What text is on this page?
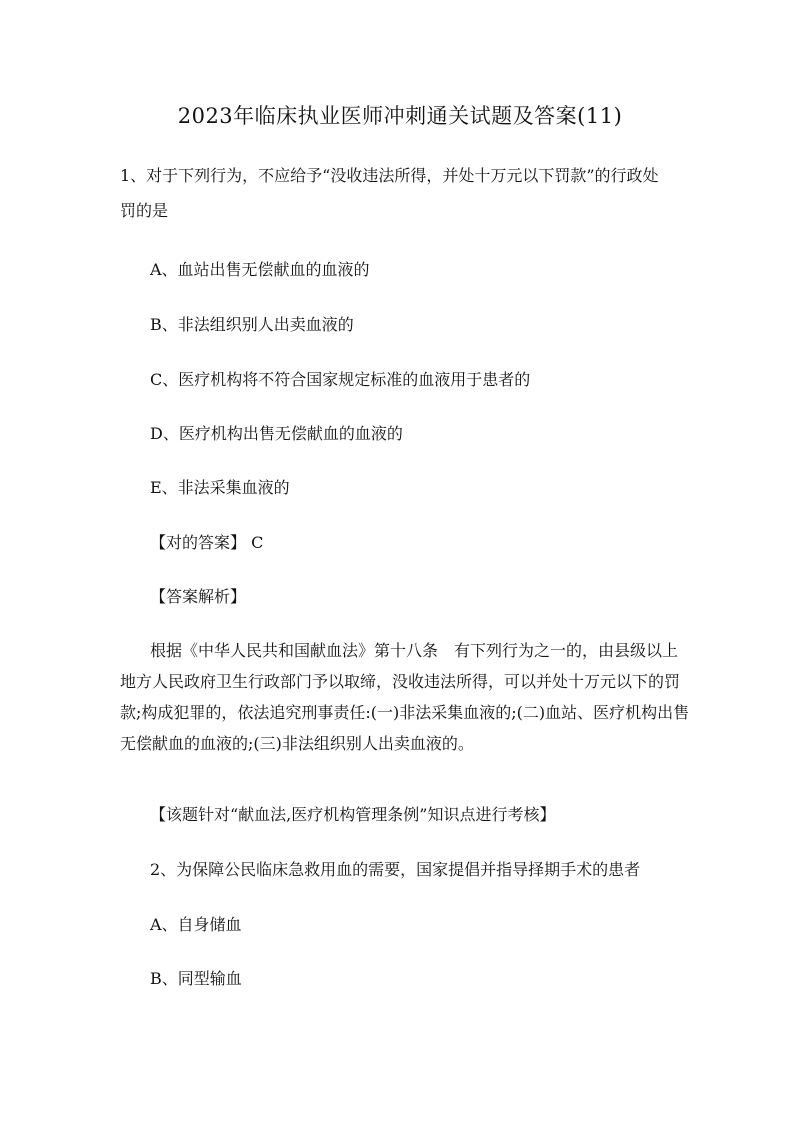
2023年临床执业医师冲刺通关试题及答案(11)
1、对于下列行为，不应给予“没收违法所得，并处十万元以下罚款”的行政处
罚的是
A、血站出售无偿献血的血液的
B、非法组织别人出卖血液的
C、医疗机构将不符合国家规定标准的血液用于患者的
D、医疗机构出售无偿献血的血液的
E、非法采集血液的
【对的答案】 C
【答案解析】
根据《中华人民共和国献血法》第十八条　有下列行为之一的，由县级以上地方人民政府卫生行政部门予以取缔，没收违法所得，可以并处十万元以下的罚款;构成犯罪的，依法追究刑事责任:(一)非法采集血液的;(二)血站、医疗机构出售无偿献血的血液的;(三)非法组织别人出卖血液的。
【该题针对“献血法,医疗机构管理条例”知识点进行考核】
2、为保障公民临床急救用血的需要，国家提倡并指导择期手术的患者
A、自身储血
B、同型输血
